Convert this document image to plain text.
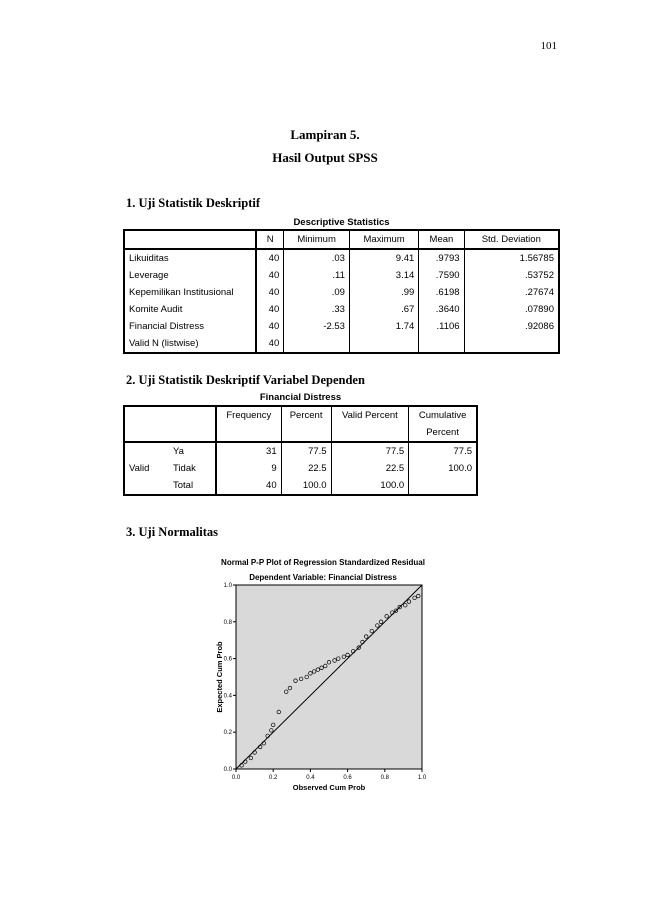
101
Lampiran 5.
Hasil Output SPSS
1. Uji Statistik Deskriptif
Descriptive Statistics
	N	Minimum	Maximum	Mean	Std. Deviation
Likuiditas	40	.03	9.41	.9793	1.56785
Leverage	40	.11	3.14	.7590	.53752
Kepemilikan Institusional	40	.09	.99	.6198	.27674
Komite Audit	40	.33	.67	.3640	.07890
Financial Distress	40	-2.53	1.74	.1106	.92086
Valid N (listwise)	40				
2. Uji Statistik Deskriptif Variabel Dependen
Financial Distress
		Frequency	Percent	Valid Percent	Cumulative
					Percent
	Ya	31	77.5	77.5	77.5
Valid	Tidak	9	22.5	22.5	100.0
	Total	40	100.0	100.0	
3. Uji Normalitas
Normal P-P Plot of Regression Standardized Residual
Dependent Variable: Financial Distress
0.0	0.2	0.4	0.6	0.8	1.0
0.0
0.2
0.4
0.6
0.8
1.0
Observed Cum Prob
Expected Cum Prob
